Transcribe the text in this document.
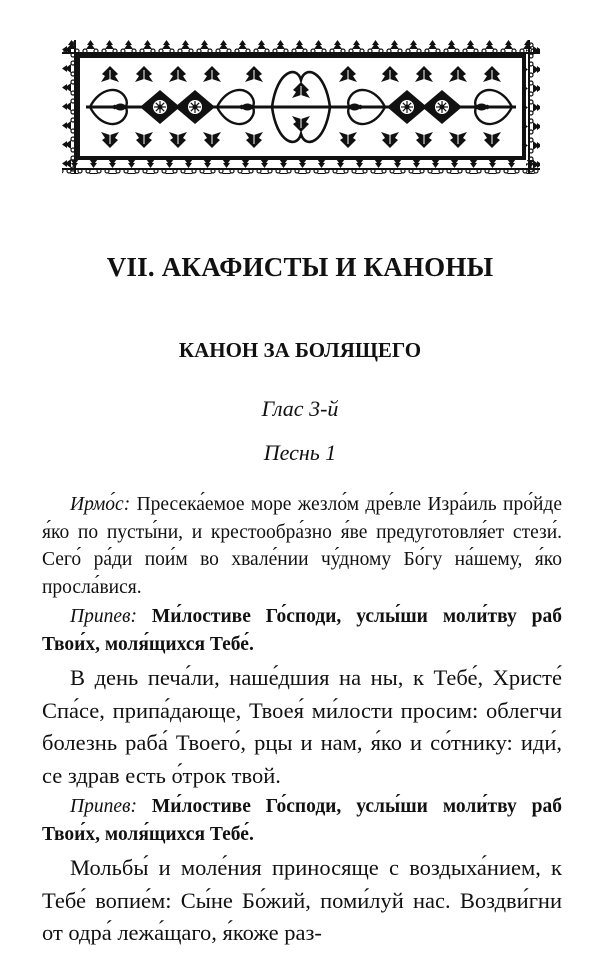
VII. АКАФИСТЫ И КАНОНЫ
КАНОН ЗА БОЛЯЩЕГО
Глас 3-й
Песнь 1

Ирмо́с: Пресека́емое море жезло́м дре́вле Изра́иль про́йде я́ко по пусты́ни, и крестообра́зно я́ве предуготовля́ет стези́. Сего́ ра́ди пои́м во хвале́нии чу́дному Бо́гу на́шему, я́ко просла́вися.

Припев: Ми́лостиве Го́споди, услы́ши моли́тву раб Твои́х, моля́щихся Тебе́.

В день печа́ли, наше́дшия на ны, к Тебе́, Христе́ Спа́се, припа́дающе, Твоея́ ми́лости просим: облегчи болезнь раба́ Твоего́, рцы и нам, я́ко и со́тнику: иди́, се здрав есть о́трок твой.

Припев: Ми́лостиве Го́споди, услы́ши моли́тву раб Твои́х, моля́щихся Тебе́.

Мольбы́ и моле́ния приносяще с воздыха́нием, к Тебе́ вопие́м: Сы́не Бо́жий, поми́луй нас. Воздви́гни от одра́ лежа́щаго, я́коже раз-
